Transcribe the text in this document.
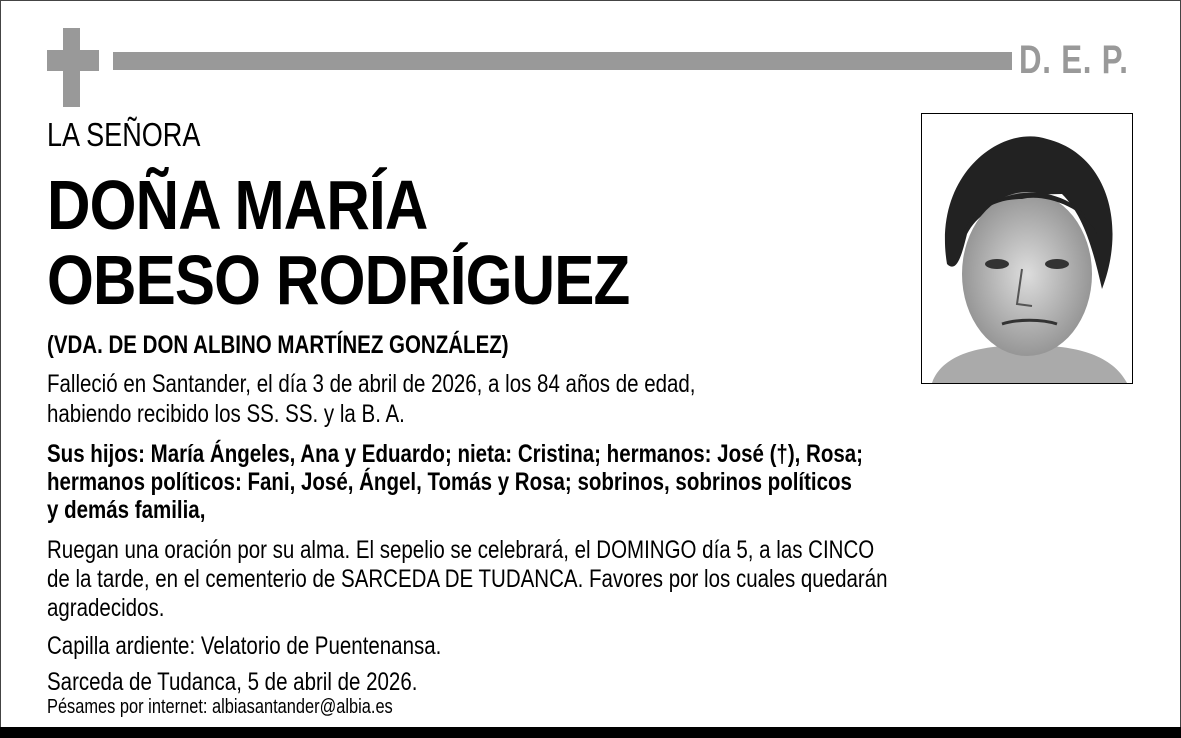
D. E. P.
LA SEÑORA
DOÑA MARÍA
OBESO RODRÍGUEZ
(VDA. DE DON ALBINO MARTÍNEZ GONZÁLEZ)
Falleció en Santander, el día 3 de abril de 2026, a los 84 años de edad,
habiendo recibido los SS. SS. y la B. A.
Sus hijos: María Ángeles, Ana y Eduardo; nieta: Cristina; hermanos: José (†), Rosa;
hermanos políticos: Fani, José, Ángel, Tomás y Rosa; sobrinos, sobrinos políticos
y demás familia,
Ruegan una oración por su alma. El sepelio se celebrará, el DOMINGO día 5, a las CINCO
de la tarde, en el cementerio de SARCEDA DE TUDANCA. Favores por los cuales quedarán
agradecidos.
Capilla ardiente: Velatorio de Puentenansa.
Sarceda de Tudanca, 5 de abril de 2026.
Pésames por internet: albiasantander@albia.es
